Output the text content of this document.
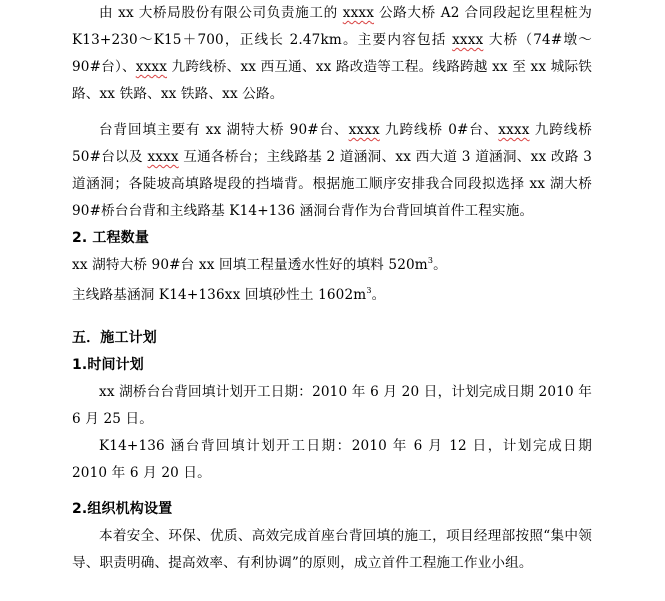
由 xx 大桥局股份有限公司负责施工的 xxxx 公路大桥 A2 合同段起讫里程桩为 K13+230～K15＋700，正线长 2.47km。主要内容包括 xxxx 大桥（74#墩～90#台）、xxxx 九跨线桥、xx 西互通、xx 路改造等工程。线路跨越 xx 至 xx 城际铁路、xx 铁路、xx 铁路、xx 公路。

台背回填主要有 xx 湖特大桥 90#台、xxxx 九跨线桥 0#台、xxxx 九跨线桥 50#台以及 xxxx 互通各桥台；主线路基 2 道涵洞、xx 西大道 3 道涵洞、xx 改路 3 道涵洞；各陡坡高填路堤段的挡墙背。根据施工顺序安排我合同段拟选择 xx 湖大桥 90#桥台台背和主线路基 K14+136 涵洞台背作为台背回填首件工程实施。

2. 工程数量

xx 湖特大桥 90#台 xx 回填工程量透水性好的填料 $520m^3$。

主线路基涵洞 K14+136xx 回填砂性土 $1602m^3$。

五．施工计划

1.时间计划

xx 湖桥台台背回填计划开工日期：2010 年 6 月 20 日，计划完成日期 2010 年 6 月 25 日。

K14+136 涵台背回填计划开工日期：2010 年 6 月 12 日，计划完成日期 2010 年 6 月 20 日。

2.组织机构设置

本着安全、环保、优质、高效完成首座台背回填的施工，项目经理部按照“集中领导、职责明确、提高效率、有利协调”的原则，成立首件工程施工作业小组。
